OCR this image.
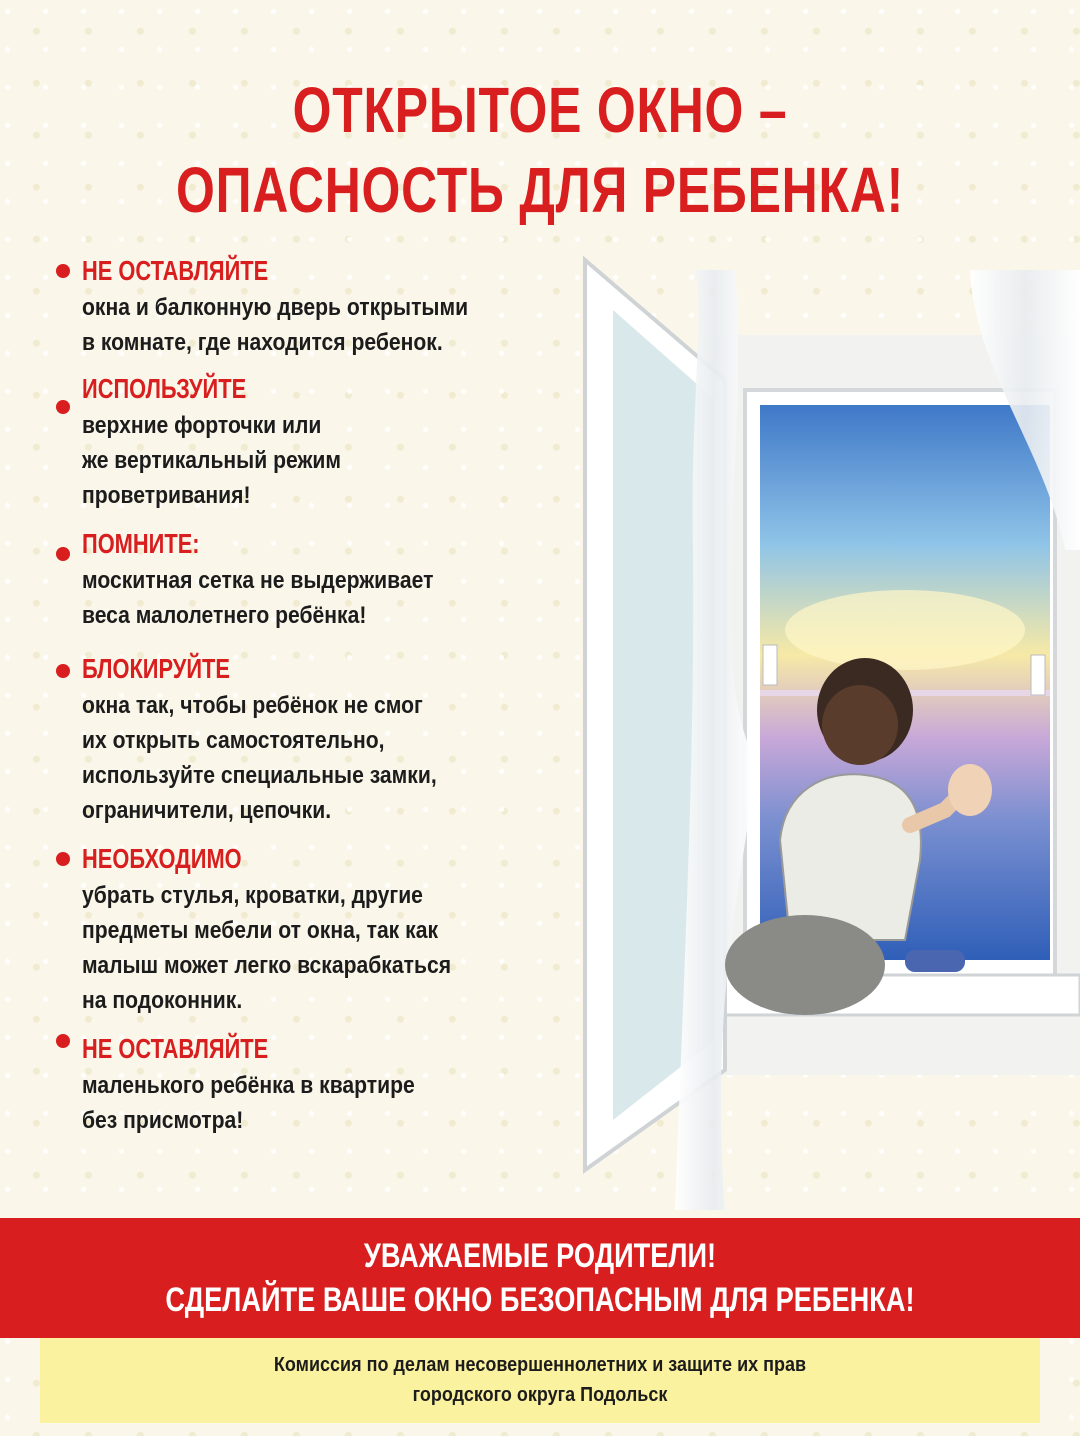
ОТКРЫТОЕ ОКНО –
ОПАСНОСТЬ ДЛЯ РЕБЕНКА!
НЕ ОСТАВЛЯЙТЕ
окна и балконную дверь открытыми
в комнате, где находится ребенок.
ИСПОЛЬЗУЙТЕ
верхние форточки или
же вертикальный режим
проветривания!
ПОМНИТЕ:
москитная сетка не выдерживает
веса малолетнего ребёнка!
БЛОКИРУЙТЕ
окна так, чтобы ребёнок не смог
их открыть самостоятельно,
используйте специальные замки,
ограничители, цепочки.
НЕОБХОДИМО
убрать стулья, кроватки, другие
предметы мебели от окна, так как
малыш может легко вскарабкаться
на подоконник.
НЕ ОСТАВЛЯЙТЕ
маленького ребёнка в квартире
без присмотра!
УВАЖАЕМЫЕ РОДИТЕЛИ!
СДЕЛАЙТЕ ВАШЕ ОКНО БЕЗОПАСНЫМ ДЛЯ РЕБЕНКА!
Комиссия по делам несовершеннолетних и защите их прав
городского округа Подольск
